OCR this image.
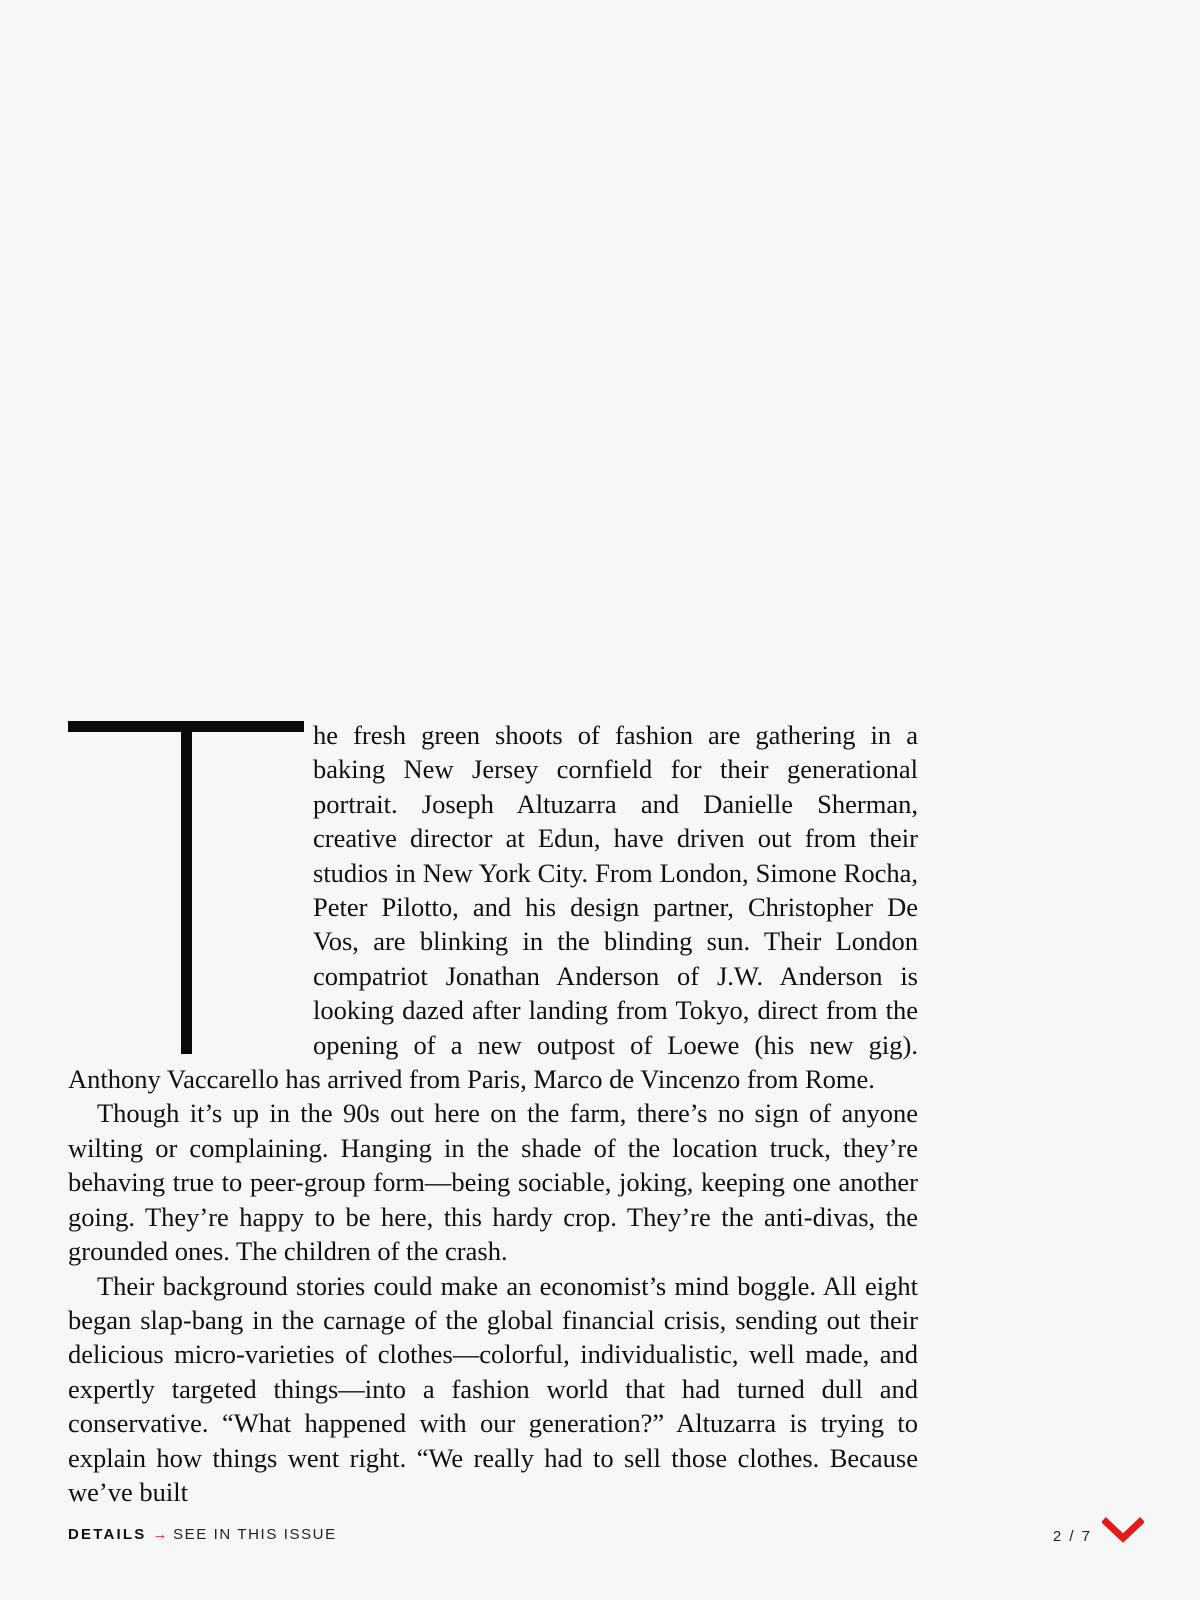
he fresh green shoots of fashion are gathering in a baking New Jersey cornfield for their generational portrait. Joseph Altuzarra and Danielle Sherman, creative director at Edun, have driven out from their studios in New York City. From London, Simone Rocha, Peter Pilotto, and his design partner, Christopher De Vos, are blinking in the blinding sun. Their London compatriot Jonathan Anderson of J.W. Anderson is looking dazed after landing from Tokyo, direct from the opening of a new outpost of Loewe (his new gig). Anthony Vaccarello has arrived from Paris, Marco de Vincenzo from Rome.

Though it’s up in the 90s out here on the farm, there’s no sign of anyone wilting or complaining. Hanging in the shade of the location truck, they’re behaving true to peer-group form—being sociable, joking, keeping one another going. They’re happy to be here, this hardy crop. They’re the anti-divas, the grounded ones. The children of the crash.

Their background stories could make an economist’s mind boggle. All eight began slap-bang in the carnage of the global financial crisis, sending out their delicious micro-varieties of clothes—colorful, individualistic, well made, and expertly targeted things—into a fashion world that had turned dull and conservative. “What happened with our generation?” Altuzarra is trying to explain how things went right. “We really had to sell those clothes. Because we’ve built

DETAILS → SEE IN THIS ISSUE	2 / 7
